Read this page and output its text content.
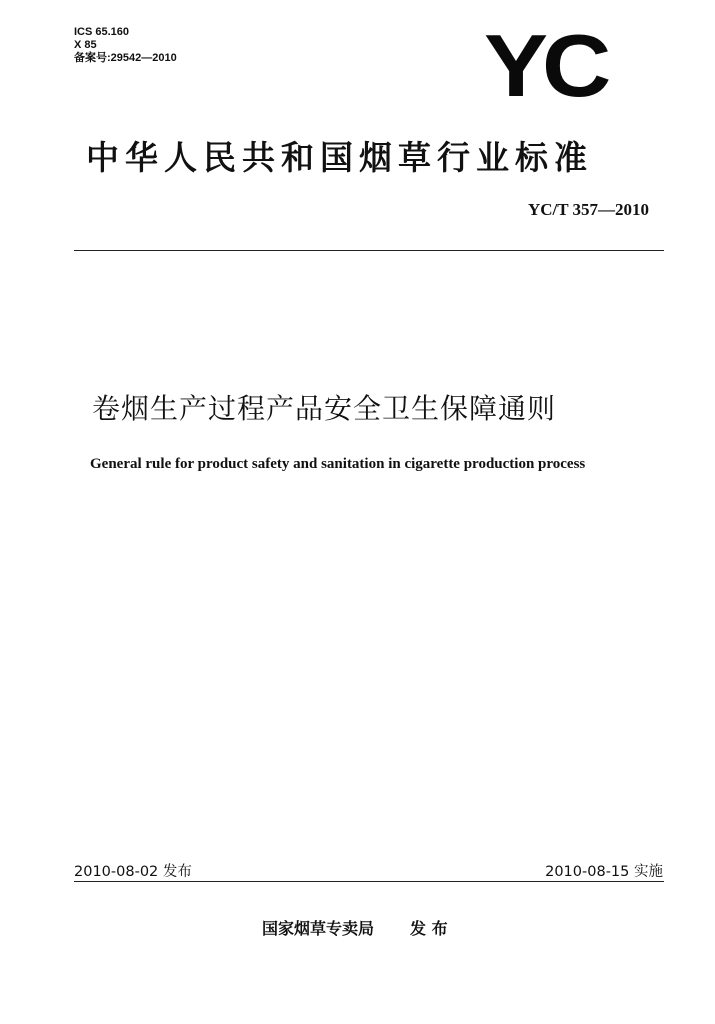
ICS 65.160
X 85
备案号:29542—2010	YC
中华人民共和国烟草行业标准
YC/T 357—2010
卷烟生产过程产品安全卫生保障通则
General rule for product safety and sanitation in cigarette production process
2010-08-02 发布	2010-08-15 实施
国家烟草专卖局 发 布
